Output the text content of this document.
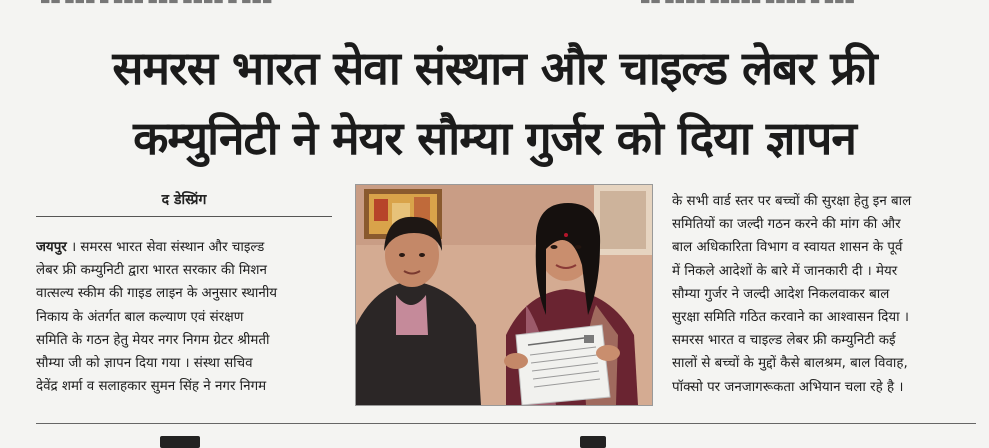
▬▬ ▬▬▬ ▬ ▬▬▬ ▬▬▬ ▬▬▬▬ ▬ ▬▬▬	▬▬ ▬▬▬▬ ▬▬▬▬▬ ▬▬▬▬ ▬ ▬▬▬
समरस भारत सेवा संस्थान और चाइल्ड लेबर फ्री
कम्युनिटी ने मेयर सौम्या गुर्जर को दिया ज्ञापन
द डेस्प्रिंग
जयपुर । समरस भारत सेवा संस्थान और चाइल्ड
लेबर फ्री कम्युनिटी द्वारा भारत सरकार की मिशन
वात्सल्य स्कीम की गाइड लाइन के अनुसार स्थानीय
निकाय के अंतर्गत बाल कल्याण एवं संरक्षण
समिति के गठन हेतु मेयर नगर निगम ग्रेटर श्रीमती
सौम्या जी को ज्ञापन दिया गया । संस्था सचिव
देवेंद्र शर्मा व सलाहकार सुमन सिंह ने नगर निगम
के सभी वार्ड स्तर पर बच्चों की सुरक्षा हेतु इन बाल
समितियों का जल्दी गठन करने की मांग की और
बाल अधिकारिता विभाग व स्वायत शासन के पूर्व
में निकले आदेशों के बारे में जानकारी दी । मेयर
सौम्या गुर्जर ने जल्दी आदेश निकलवाकर बाल
सुरक्षा समिति गठित करवाने का आश्वासन दिया ।
समरस भारत व चाइल्ड लेबर फ्री कम्युनिटी कई
सालों से बच्चों के मुद्दों कैसे बालश्रम, बाल विवाह,
पॉक्सो पर जनजागरूकता अभियान चला रहे है ।
